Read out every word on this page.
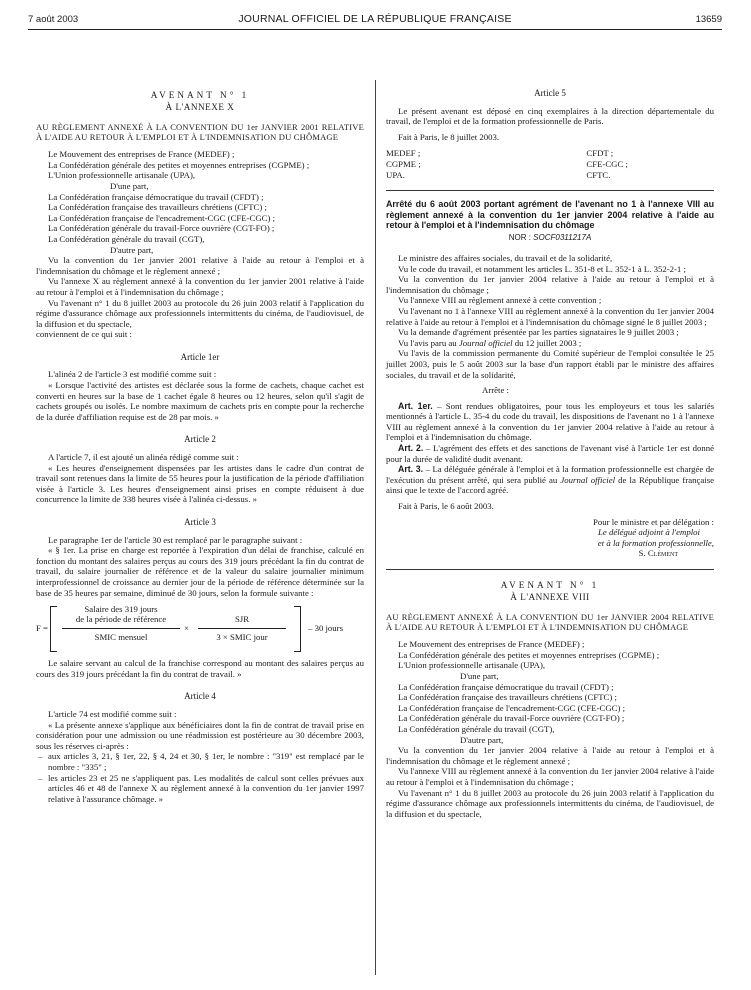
7 août 2003	JOURNAL OFFICIEL DE LA RÉPUBLIQUE FRANÇAISE	13659

AVENANT N° 1

À L'ANNEXE X

AU RÈGLEMENT ANNEXÉ À LA CONVENTION DU 1er JANVIER 2001 RELATIVE À L'AIDE AU RETOUR À L'EMPLOI ET À L'INDEMNISATION DU CHÔMAGE

Le Mouvement des entreprises de France (MEDEF) ;

La Confédération générale des petites et moyennes entreprises (CGPME) ;

L'Union professionnelle artisanale (UPA),

D'une part,

La Confédération française démocratique du travail (CFDT) ;

La Confédération française des travailleurs chrétiens (CFTC) ;

La Confédération française de l'encadrement-CGC (CFE-CGC) ;

La Confédération générale du travail-Force ouvrière (CGT-FO) ;

La Confédération générale du travail (CGT),

D'autre part,

Vu la convention du 1er janvier 2001 relative à l'aide au retour à l'emploi et à l'indemnisation du chômage et le règlement annexé ;

Vu l'annexe X au règlement annexé à la convention du 1er janvier 2001 relative à l'aide au retour à l'emploi et à l'indemnisation du chômage ;

Vu l'avenant n° 1 du 8 juillet 2003 au protocole du 26 juin 2003 relatif à l'application du régime d'assurance chômage aux professionnels intermittents du cinéma, de l'audiovisuel, de la diffusion et du spectacle,

conviennent de ce qui suit :

Article 1er

L'alinéa 2 de l'article 3 est modifié comme suit :

« Lorsque l'activité des artistes est déclarée sous la forme de cachets, chaque cachet est converti en heures sur la base de 1 cachet égale 8 heures ou 12 heures, selon qu'il s'agit de cachets groupés ou isolés. Le nombre maximum de cachets pris en compte pour la recherche de la durée d'affiliation requise est de 28 par mois. »

Article 2

A l'article 7, il est ajouté un alinéa rédigé comme suit :

« Les heures d'enseignement dispensées par les artistes dans le cadre d'un contrat de travail sont retenues dans la limite de 55 heures pour la justification de la période d'affiliation visée à l'article 3. Les heures d'enseignement ainsi prises en compte réduisent à due concurrence la limite de 338 heures visée à l'alinéa ci-dessus. »

Article 3

Le paragraphe 1er de l'article 30 est remplacé par le paragraphe suivant :

« § 1er. La prise en charge est reportée à l'expiration d'un délai de franchise, calculé en fonction du montant des salaires perçus au cours des 319 jours précédant la fin du contrat de travail, du salaire journalier de référence et de la valeur du salaire journalier minimum interprofessionnel de croissance au dernier jour de la période de référence déterminée sur la base de 35 heures par semaine, diminué de 30 jours, selon la formule suivante :

F =
Salaire des 319 jours
de la période de référence
SMIC mensuel
×
SJR
3 × SMIC jour
– 30 jours

Le salaire servant au calcul de la franchise correspond au montant des salaires perçus au cours des 319 jours précédant la fin du contrat de travail. »

Article 4

L'article 74 est modifié comme suit :

« La présente annexe s'applique aux bénéficiaires dont la fin de contrat de travail prise en considération pour une admission ou une réadmission est postérieure au 30 décembre 2003, sous les réserves ci-après :

– aux articles 3, 21, § 1er, 22, § 4, 24 et 30, § 1er, le nombre : "319" est remplacé par le nombre : "335" ;
– les articles 23 et 25 ne s'appliquent pas. Les modalités de calcul sont celles prévues aux articles 46 et 48 de l'annexe X au règlement annexé à la convention du 1er janvier 1997 relative à l'assurance chômage. »

Article 5

Le présent avenant est déposé en cinq exemplaires à la direction départementale du travail, de l'emploi et de la formation professionnelle de Paris.

Fait à Paris, le 8 juillet 2003.

MEDEF ;	CFDT ;
CGPME ;	CFE-CGC ;
UPA.	CFTC.

Arrêté du 6 août 2003 portant agrément de l'avenant no 1 à l'annexe VIII au règlement annexé à la convention du 1er janvier 2004 relative à l'aide au retour à l'emploi et à l'indemnisation du chômage

NOR : SOCF0311217A

Le ministre des affaires sociales, du travail et de la solidarité,

Vu le code du travail, et notamment les articles L. 351-8 et L. 352-1 à L. 352-2-1 ;

Vu la convention du 1er janvier 2004 relative à l'aide au retour à l'emploi et à l'indemnisation du chômage ;

Vu l'annexe VIII au règlement annexé à cette convention ;

Vu l'avenant no 1 à l'annexe VIII au règlement annexé à la convention du 1er janvier 2004 relative à l'aide au retour à l'emploi et à l'indemnisation du chômage signé le 8 juillet 2003 ;

Vu la demande d'agrément présentée par les parties signataires le 9 juillet 2003 ;

Vu l'avis paru au Journal officiel du 12 juillet 2003 ;

Vu l'avis de la commission permanente du Comité supérieur de l'emploi consultée le 25 juillet 2003, puis le 5 août 2003 sur la base d'un rapport établi par le ministre des affaires sociales, du travail et de la solidarité,

Arrête :

Art. 1er. – Sont rendues obligatoires, pour tous les employeurs et tous les salariés mentionnés à l'article L. 35-4 du code du travail, les dispositions de l'avenant no 1 à l'annexe VIII au règlement annexé à la convention du 1er janvier 2004 relative à l'aide au retour à l'emploi et à l'indemnisation du chômage.

Art. 2. – L'agrément des effets et des sanctions de l'avenant visé à l'article 1er est donné pour la durée de validité dudit avenant.

Art. 3. – La déléguée générale à l'emploi et à la formation professionnelle est chargée de l'exécution du présent arrêté, qui sera publié au Journal officiel de la République française ainsi que le texte de l'accord agréé.

Fait à Paris, le 6 août 2003.

Pour le ministre et par délégation :

Le délégué adjoint à l'emploi

et à la formation professionnelle,

S. Clément

AVENANT N° 1

À L'ANNEXE VIII

AU RÈGLEMENT ANNEXÉ À LA CONVENTION DU 1er JANVIER 2004 RELATIVE À L'AIDE AU RETOUR À L'EMPLOI ET À L'INDEMNISATION DU CHÔMAGE

Le Mouvement des entreprises de France (MEDEF) ;

La Confédération générale des petites et moyennes entreprises (CGPME) ;

L'Union professionnelle artisanale (UPA),

D'une part,

La Confédération française démocratique du travail (CFDT) ;

La Confédération française des travailleurs chrétiens (CFTC) ;

La Confédération française de l'encadrement-CGC (CFE-CGC) ;

La Confédération générale du travail-Force ouvrière (CGT-FO) ;

La Confédération générale du travail (CGT),

D'autre part,

Vu la convention du 1er janvier 2004 relative à l'aide au retour à l'emploi et à l'indemnisation du chômage et le règlement annexé ;

Vu l'annexe VIII au règlement annexé à la convention du 1er janvier 2004 relative à l'aide au retour à l'emploi et à l'indemnisation du chômage ;

Vu l'avenant n° 1 du 8 juillet 2003 au protocole du 26 juin 2003 relatif à l'application du régime d'assurance chômage aux professionnels intermittents du cinéma, de l'audiovisuel, de la diffusion et du spectacle,
